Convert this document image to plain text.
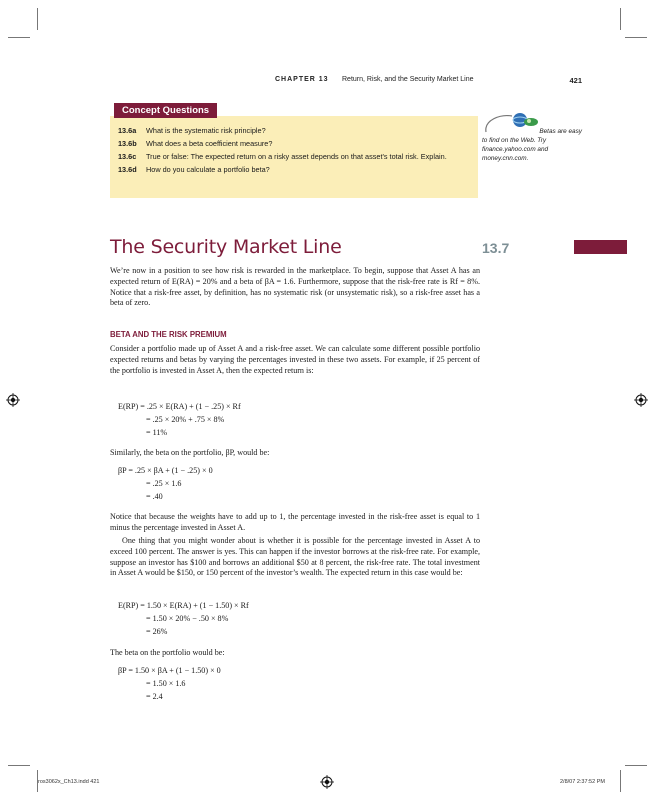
CHAPTER 13 Return, Risk, and the Security Market Line	421
Concept Questions
13.6a	What is the systematic risk principle?
13.6b	What does a beta coefficient measure?
13.6c	True or false: The expected return on a risky asset depends on that asset's total risk. Explain.
13.6d	How do you calculate a portfolio beta?
Betas are easy
to find on the Web. Try
finance.yahoo.com and
money.cnn.com.
The Security Market Line	13.7
We’re now in a position to see how risk is rewarded in the marketplace. To begin, suppose that Asset A has an expected return of E(RA) = 20% and a beta of βA = 1.6. Furthermore, suppose that the risk-free rate is Rf = 8%. Notice that a risk-free asset, by definition, has no systematic risk (or unsystematic risk), so a risk-free asset has a beta of zero.
BETA AND THE RISK PREMIUM
Consider a portfolio made up of Asset A and a risk-free asset. We can calculate some different possible portfolio expected returns and betas by varying the percentages invested in these two assets. For example, if 25 percent of the portfolio is invested in Asset A, then the expected return is:
E(RP) = .25 × E(RA) + (1 − .25) × Rf
= .25 × 20% + .75 × 8%
= 11%
Similarly, the beta on the portfolio, βP, would be:
βP = .25 × βA + (1 − .25) × 0
= .25 × 1.6
= .40
Notice that because the weights have to add up to 1, the percentage invested in the risk-free asset is equal to 1 minus the percentage invested in Asset A.
One thing that you might wonder about is whether it is possible for the percentage invested in Asset A to exceed 100 percent. The answer is yes. This can happen if the investor borrows at the risk-free rate. For example, suppose an investor has $100 and borrows an additional $50 at 8 percent, the risk-free rate. The total investment in Asset A would be $150, or 150 percent of the investor’s wealth. The expected return in this case would be:
E(RP) = 1.50 × E(RA) + (1 − 1.50) × Rf
= 1.50 × 20% − .50 × 8%
= 26%
The beta on the portfolio would be:
βP = 1.50 × βA + (1 − 1.50) × 0
= 1.50 × 1.6
= 2.4
ros3062x_Ch13.indd 421	2/8/07 2:37:52 PM
